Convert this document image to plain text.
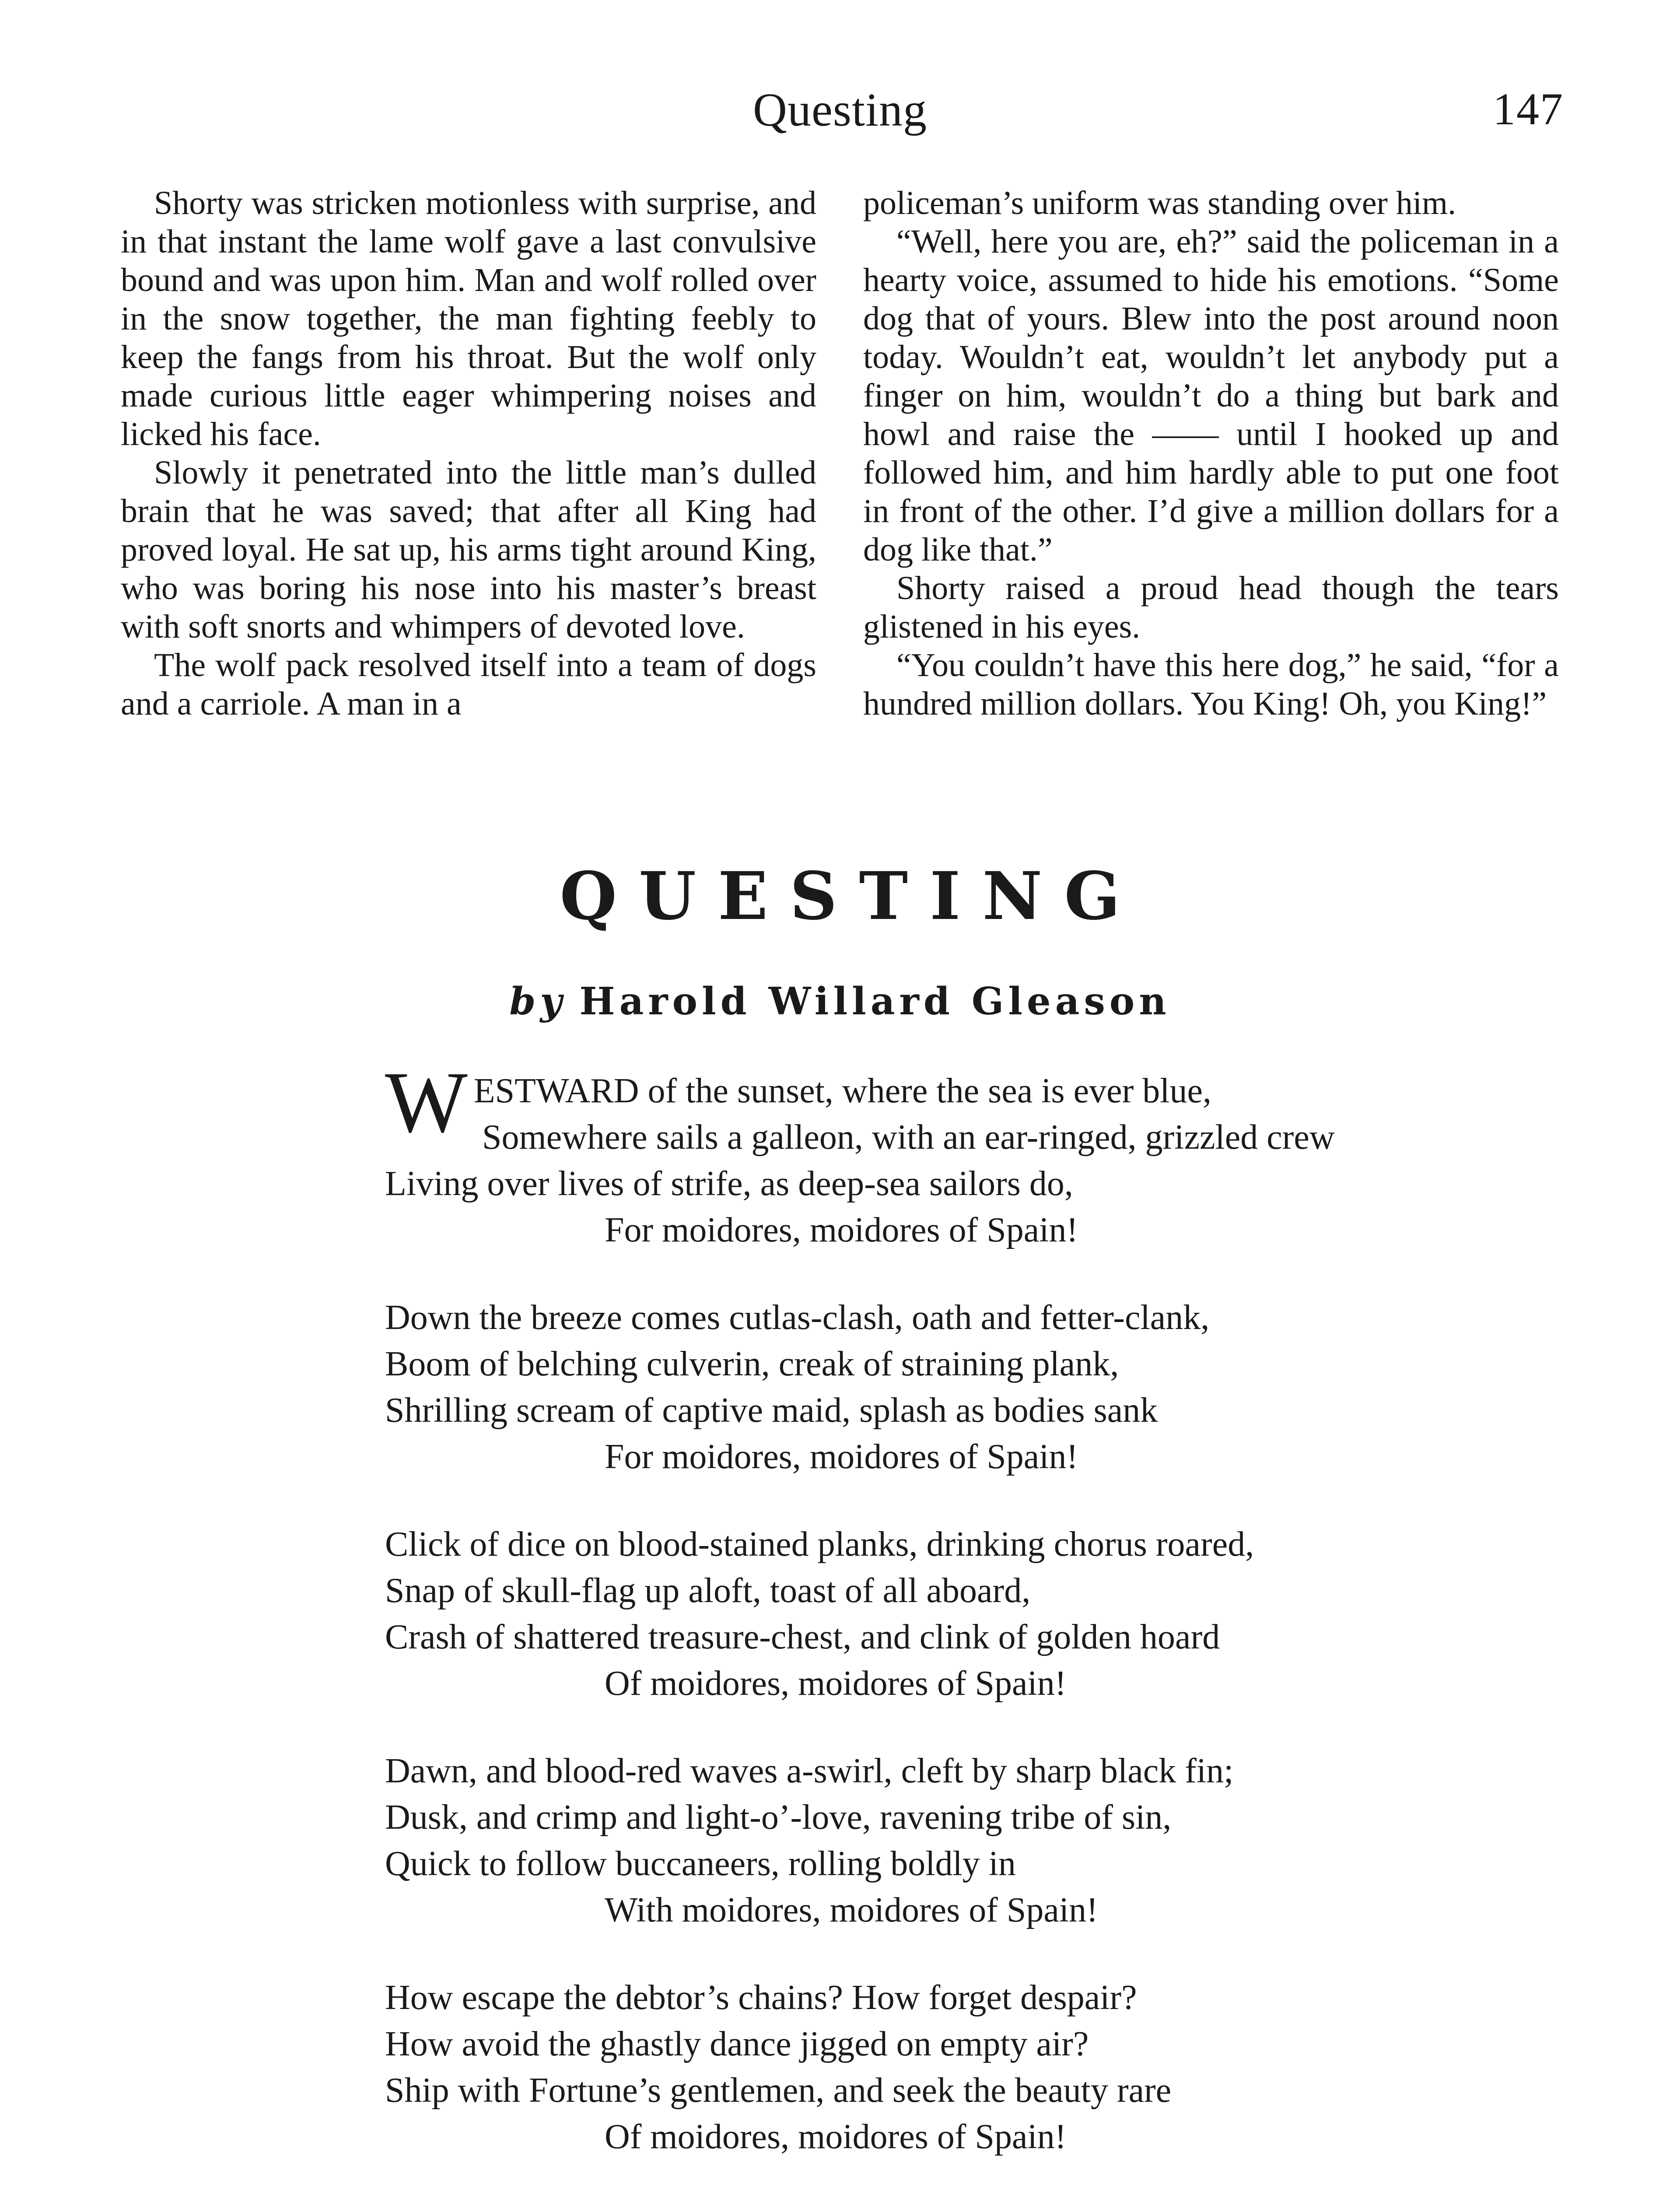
Questing	147

Shorty was stricken motionless with surprise, and in that instant the lame wolf gave a last convulsive bound and was upon him. Man and wolf rolled over in the snow together, the man fighting feebly to keep the fangs from his throat. But the wolf only made curious little eager whimpering noises and licked his face.

Slowly it penetrated into the little man’s dulled brain that he was saved; that after all King had proved loyal. He sat up, his arms tight around King, who was boring his nose into his master’s breast with soft snorts and whimpers of devoted love.

The wolf pack resolved itself into a team of dogs and a carriole. A man in a

policeman’s uniform was standing over him.

“Well, here you are, eh?” said the policeman in a hearty voice, assumed to hide his emotions. “Some dog that of yours. Blew into the post around noon today. Wouldn’t eat, wouldn’t let anybody put a finger on him, wouldn’t do a thing but bark and howl and raise the —— until I hooked up and followed him, and him hardly able to put one foot in front of the other. I’d give a million dollars for a dog like that.”

Shorty raised a proud head though the tears glistened in his eyes.

“You couldn’t have this here dog,” he said, “for a hundred million dollars. You King! Oh, you King!”

QUESTING
by Harold Willard Gleason
WESTWARD of the sunset, where the sea is ever blue,
Somewhere sails a galleon, with an ear-ringed, grizzled crew
Living over lives of strife, as deep-sea sailors do,
For moidores, moidores of Spain!
Down the breeze comes cutlas-clash, oath and fetter-clank,
Boom of belching culverin, creak of straining plank,
Shrilling scream of captive maid, splash as bodies sank
For moidores, moidores of Spain!
Click of dice on blood-stained planks, drinking chorus roared,
Snap of skull-flag up aloft, toast of all aboard,
Crash of shattered treasure-chest, and clink of golden hoard
Of moidores, moidores of Spain!
Dawn, and blood-red waves a-swirl, cleft by sharp black fin;
Dusk, and crimp and light-o’-love, ravening tribe of sin,
Quick to follow buccaneers, rolling boldly in
With moidores, moidores of Spain!
How escape the debtor’s chains? How forget despair?
How avoid the ghastly dance jigged on empty air?
Ship with Fortune’s gentlemen, and seek the beauty rare
Of moidores, moidores of Spain!
